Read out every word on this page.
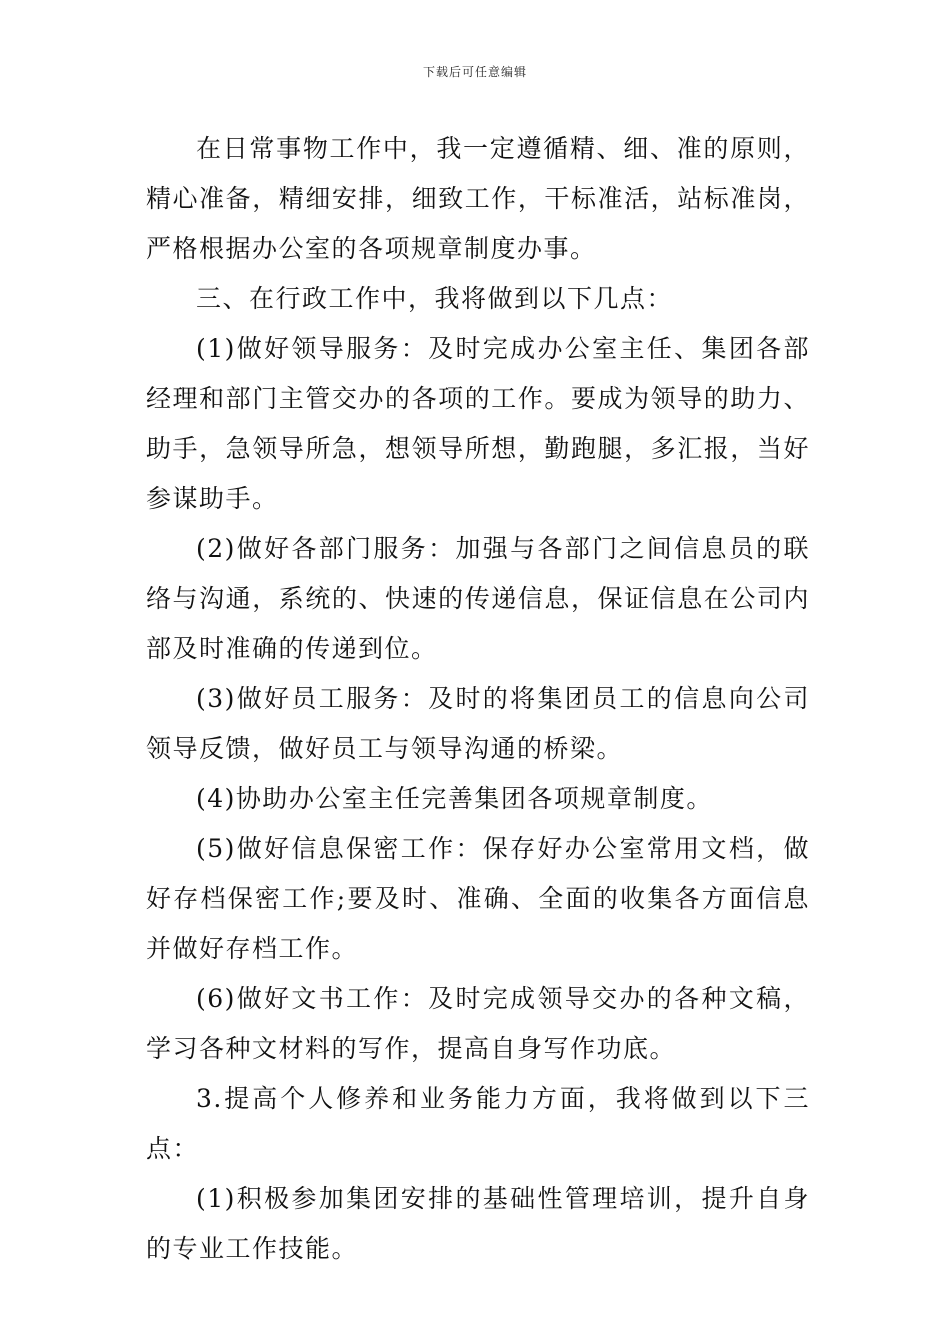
下载后可任意编辑

在日常事物工作中，我一定遵循精、细、准的原则，精心准备，精细安排，细致工作，干标准活，站标准岗，严格根据办公室的各项规章制度办事。

三、在行政工作中，我将做到以下几点：

(1)做好领导服务：及时完成办公室主任、集团各部经理和部门主管交办的各项的工作。要成为领导的助力、助手，急领导所急，想领导所想，勤跑腿，多汇报，当好参谋助手。

(2)做好各部门服务：加强与各部门之间信息员的联络与沟通，系统的、快速的传递信息，保证信息在公司内部及时准确的传递到位。

(3)做好员工服务：及时的将集团员工的信息向公司领导反馈，做好员工与领导沟通的桥梁。

(4)协助办公室主任完善集团各项规章制度。

(5)做好信息保密工作：保存好办公室常用文档，做好存档保密工作;要及时、准确、全面的收集各方面信息并做好存档工作。

(6)做好文书工作：及时完成领导交办的各种文稿，学习各种文材料的写作，提高自身写作功底。

3.提高个人修养和业务能力方面，我将做到以下三点：

(1)积极参加集团安排的基础性管理培训，提升自身的专业工作技能。
